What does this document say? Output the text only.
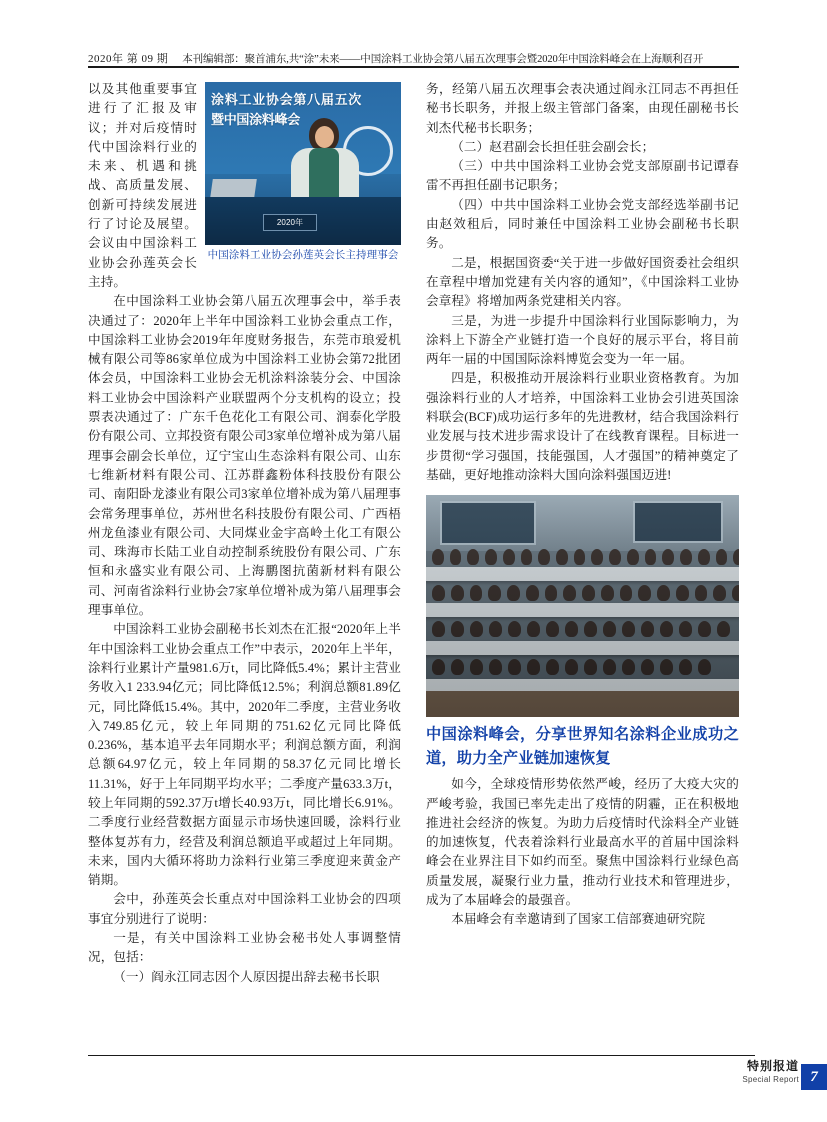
2020年 第 09 期 本刊编辑部：聚首浦东,共“涂”未来——中国涂料工业协会第八届五次理事会暨2020年中国涂料峰会在上海顺利召开
涂料工业协会第八届五次 暨中国涂料峰会
2020年
中国涂料工业协会孙莲英会长主持理事会

以及其他重要事宜进行了汇报及审议；并对后疫情时代中国涂料行业的未来、机遇和挑战、高质量发展、创新可持续发展进行了讨论及展望。会议由中国涂料工业协会孙莲英会长主持。

在中国涂料工业协会第八届五次理事会中，举手表决通过了：2020年上半年中国涂料工业协会重点工作，中国涂料工业协会2019年年度财务报告，东莞市琅爱机械有限公司等86家单位成为中国涂料工业协会第72批团体会员，中国涂料工业协会无机涂料涂装分会、中国涂料工业协会中国涂料产业联盟两个分支机构的设立；投票表决通过了：广东千色花化工有限公司、润泰化学股份有限公司、立邦投资有限公司3家单位增补成为第八届理事会副会长单位，辽宁宝山生态涂料有限公司、山东七维新材料有限公司、江苏群鑫粉体科技股份有限公司、南阳卧龙漆业有限公司3家单位增补成为第八届理事会常务理事单位，苏州世名科技股份有限公司、广西梧州龙鱼漆业有限公司、大同煤业金宇高岭土化工有限公司、珠海市长陆工业自动控制系统股份有限公司、广东恒和永盛实业有限公司、上海鹏图抗菌新材料有限公司、河南省涂料行业协会7家单位增补成为第八届理事会理事单位。

中国涂料工业协会副秘书长刘杰在汇报“2020年上半年中国涂料工业协会重点工作”中表示，2020年上半年，涂料行业累计产量981.6万t，同比降低5.4%；累计主营业务收入1 233.94亿元；同比降低12.5%；利润总额81.89亿元，同比降低15.4%。其中，2020年二季度，主营业务收入749.85亿元，较上年同期的751.62亿元同比降低0.236%，基本追平去年同期水平；利润总额方面，利润总额64.97亿元，较上年同期的58.37亿元同比增长11.31%，好于上年同期平均水平；二季度产量633.3万t，较上年同期的592.37万t增长40.93万t，同比增长6.91%。二季度行业经营数据方面显示市场快速回暖，涂料行业整体复苏有力，经营及利润总额追平或超过上年同期。未来，国内大循环将助力涂料行业第三季度迎来黄金产销期。

会中，孙莲英会长重点对中国涂料工业协会的四项事宜分别进行了说明：

一是，有关中国涂料工业协会秘书处人事调整情况，包括：

（一）阎永江同志因个人原因提出辞去秘书长职

务，经第八届五次理事会表决通过阎永江同志不再担任秘书长职务，并报上级主管部门备案，由现任副秘书长刘杰代秘书长职务；

（二）赵君副会长担任驻会副会长；

（三）中共中国涂料工业协会党支部原副书记谭春雷不再担任副书记职务；

（四）中共中国涂料工业协会党支部经选举副书记由赵效租后，同时兼任中国涂料工业协会副秘书长职务。

二是，根据国资委“关于进一步做好国资委社会组织在章程中增加党建有关内容的通知”，《中国涂料工业协会章程》将增加两条党建相关内容。

三是，为进一步提升中国涂料行业国际影响力，为涂料上下游全产业链打造一个良好的展示平台，将目前两年一届的中国国际涂料博览会变为一年一届。

四是，积极推动开展涂料行业职业资格教育。为加强涂料行业的人才培养，中国涂料工业协会引进英国涂料联会(BCF)成功运行多年的先进教材，结合我国涂料行业发展与技术进步需求设计了在线教育课程。目标进一步贯彻“学习强国，技能强国，人才强国”的精神奠定了基础，更好地推动涂料大国向涂料强国迈进!

中国涂料峰会，分享世界知名涂料企业成功之道，助力全产业链加速恢复

如今，全球疫情形势依然严峻，经历了大疫大灾的严峻考验，我国已率先走出了疫情的阴霾，正在积极地推进社会经济的恢复。为助力后疫情时代涂料全产业链的加速恢复，代表着涂料行业最高水平的首届中国涂料峰会在业界注目下如约而至。聚焦中国涂料行业绿色高质量发展，凝聚行业力量，推动行业技术和管理进步，成为了本届峰会的最强音。

本届峰会有幸邀请到了国家工信部赛迪研究院

特别报道
Special Report 7
